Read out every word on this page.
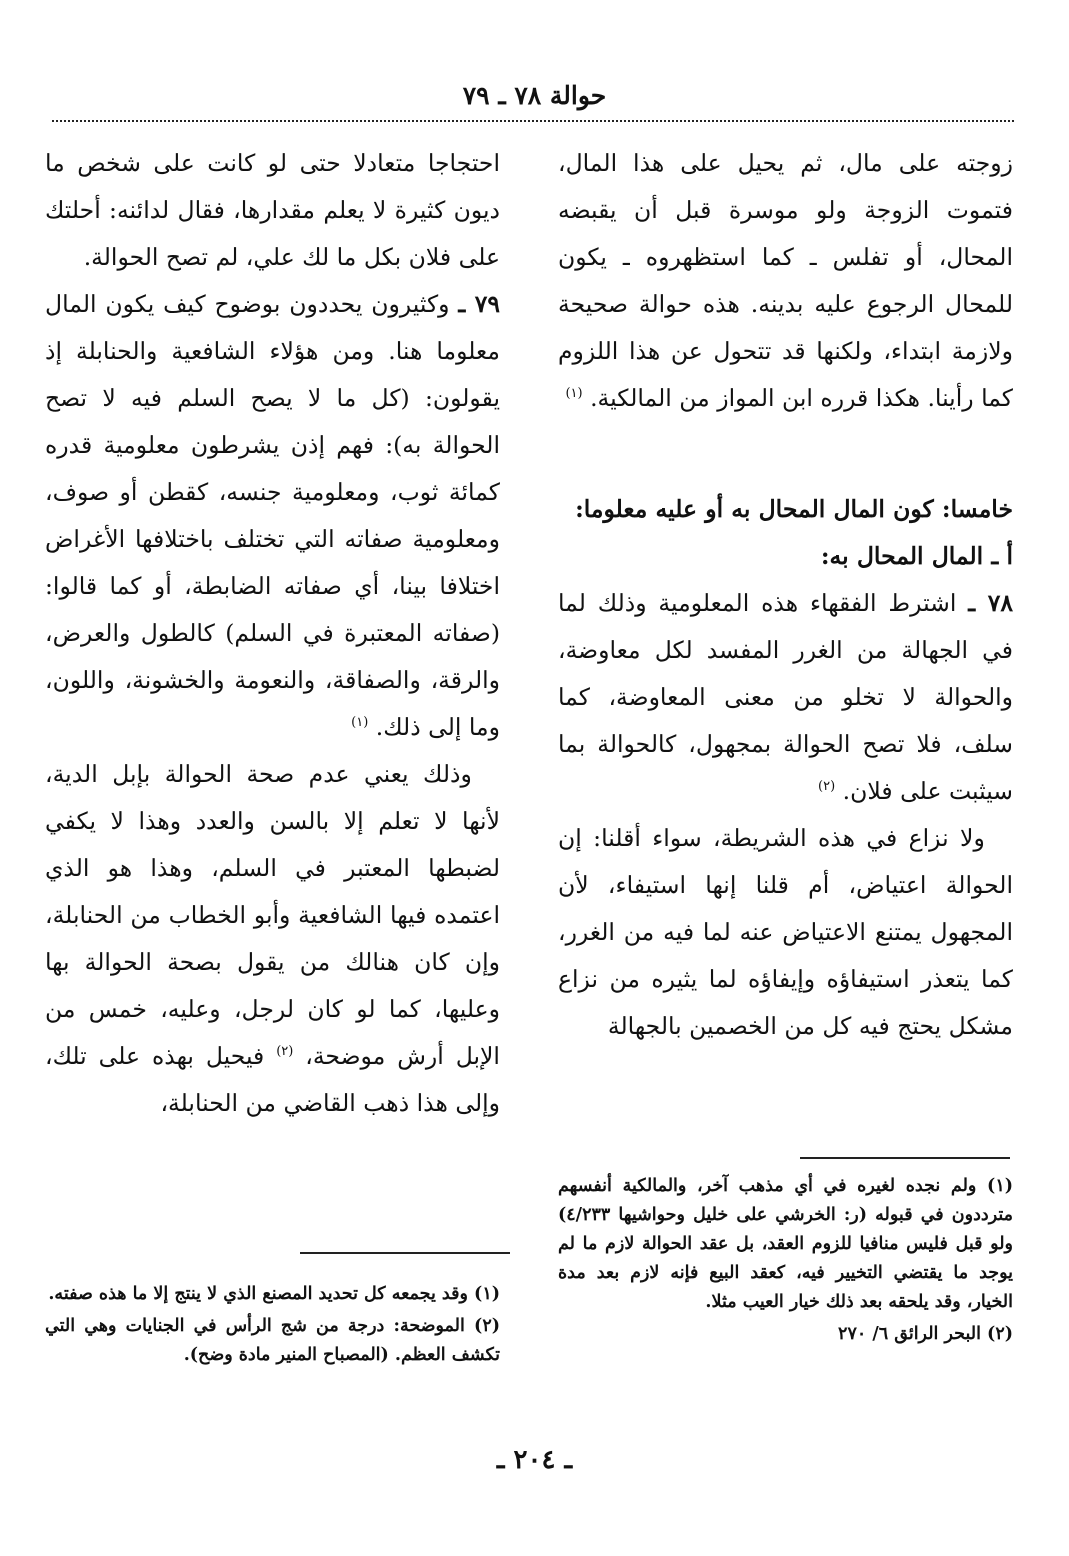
حوالة ٧٨ ـ ٧٩

زوجته على مال، ثم يحيل على هذا المال، فتموت الزوجة ولو موسرة قبل أن يقبضه المحال، أو تفلس ـ كما استظهروه ـ يكون للمحال الرجوع عليه بدينه. هذه حوالة صحيحة ولازمة ابتداء، ولكنها قد تتحول عن هذا اللزوم كما رأينا. هكذا قرره ابن المواز من المالكية. $^{(١)}$

خامسا: كون المال المحال به أو عليه معلوما:

أ ـ المال المحال به:

٧٨ ـ اشترط الفقهاء هذه المعلومية وذلك لما في الجهالة من الغرر المفسد لكل معاوضة، والحوالة لا تخلو من معنى المعاوضة، كما سلف، فلا تصح الحوالة بمجهول، كالحوالة بما سيثبت على فلان. $^{(٢)}$

ولا نزاع في هذه الشريطة، سواء أقلنا: إن الحوالة اعتياض، أم قلنا إنها استيفاء، لأن المجهول يمتنع الاعتياض عنه لما فيه من الغرر، كما يتعذر استيفاؤه وإيفاؤه لما يثيره من نزاع مشكل يحتج فيه كل من الخصمين بالجهالة

احتجاجا متعادلا حتى لو كانت على شخص ما ديون كثيرة لا يعلم مقدارها، فقال لدائنه: أحلتك على فلان بكل ما لك علي، لم تصح الحوالة.

٧٩ ـ وكثيرون يحددون بوضوح كيف يكون المال معلوما هنا. ومن هؤلاء الشافعية والحنابلة إذ يقولون: (كل ما لا يصح السلم فيه لا تصح الحوالة به): فهم إذن يشرطون معلومية قدره كمائة ثوب، ومعلومية جنسه، كقطن أو صوف، ومعلومية صفاته التي تختلف باختلافها الأغراض اختلافا بينا، أي صفاته الضابطة، أو كما قالوا: (صفاته المعتبرة في السلم) كالطول والعرض، والرقة، والصفاقة، والنعومة والخشونة، واللون، وما إلى ذلك. $^{(١)}$

وذلك يعني عدم صحة الحوالة بإبل الدية، لأنها لا تعلم إلا بالسن والعدد وهذا لا يكفي لضبطها المعتبر في السلم، وهذا هو الذي اعتمده فيها الشافعية وأبو الخطاب من الحنابلة، وإن كان هنالك من يقول بصحة الحوالة بها وعليها، كما لو كان لرجل، وعليه، خمس من الإبل أرش موضحة، $^{(٢)}$ فيحيل بهذه على تلك، وإلى هذا ذهب القاضي من الحنابلة،

(١) ولم نجده لغيره في أي مذهب آخر، والمالكية أنفسهم مترددون في قبوله (ر: الخرشي على خليل وحواشيها ٤/٢٣٣) ولو قبل فليس منافيا للزوم العقد، بل عقد الحوالة لازم ما لم يوجد ما يقتضي التخيير فيه، كعقد البيع فإنه لازم بعد مدة الخيار، وقد يلحقه بعد ذلك خيار العيب مثلا.

(٢) البحر الرائق ٦/ ٢٧٠

(١) وقد يجمعه كل تحديد المصنع الذي لا ينتج إلا ما هذه صفته.

(٢) الموضحة: درجة من شج الرأس في الجنايات وهي التي تكشف العظم. (المصباح المنير مادة وضح).

ـ ٢٠٤ ـ
